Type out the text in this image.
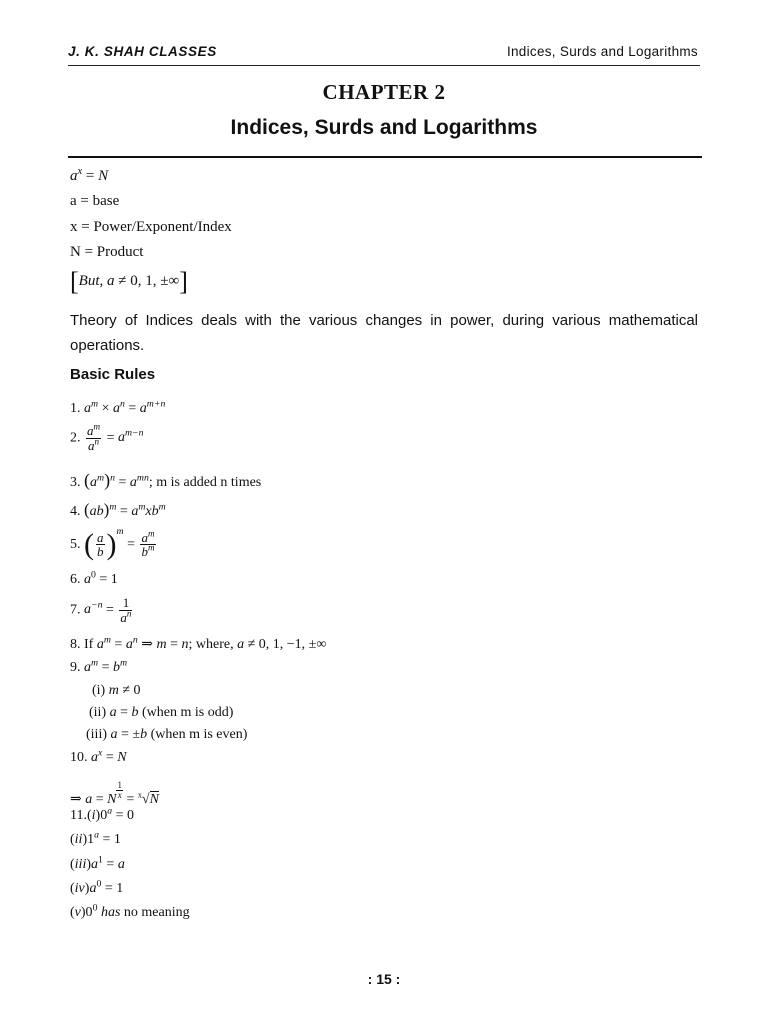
J. K. SHAH CLASSES	Indices, Surds and Logarithms
CHAPTER 2
Indices, Surds and Logarithms
$a^x = N$
a = base
x = Power/Exponent/Index
N = Product
[But, a ≠ 0, 1, ±∞]
Theory of Indices deals with the various changes in power, during various mathematical operations.
Basic Rules
1. $a^m \times a^n = a^{m+n}$
2. $\frac{a^m}{a^n} = a^{m-n}$
3. $(a^m)^n = a^{mn}$; m is added n times
4. $(ab)^m = a^mxb^m$
5. ( $\frac{a}{b} )^m = \frac{a^m}{b^m}$
6. $a^0 = 1$
7. $a^{-n} = \frac{1}{a^n}$
8. If $a^m = a^n$ ⇒ m = n; where, a ≠ 0, 1, −1, ±∞
9. $a^m = b^m$
(i) m ≠ 0
(ii) a = b (when m is odd)
(iii) a = ±b (when m is even)
10. $a^x = N$
⇒ a = N $^{\frac{1}{x}}$ = $^x$√N
$11.(i)0^a = 0$
$(ii)1^a = 1$
$(iii)a^1 = a$
$(iv)a^0 = 1$
$(v)0^0$ has no meaning
: 15 :
